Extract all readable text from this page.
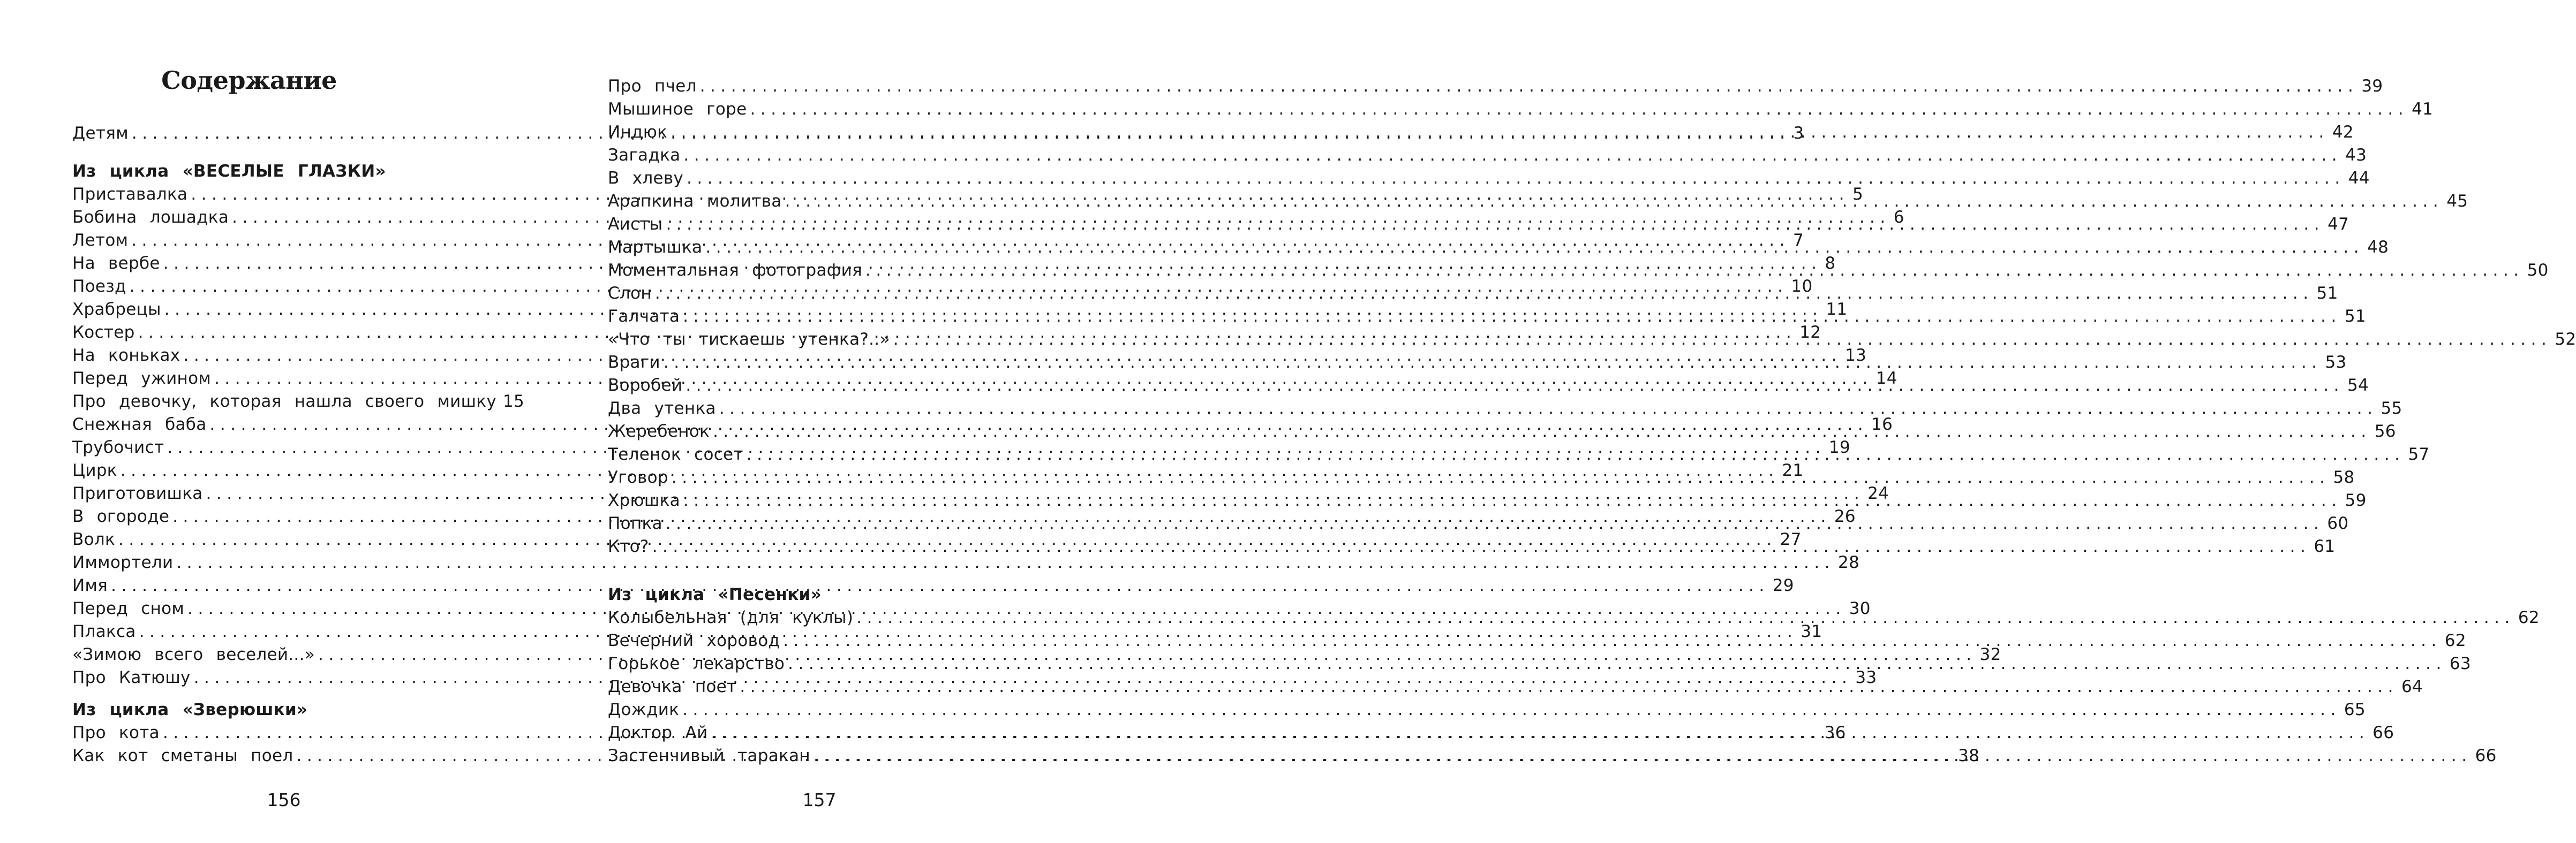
Содержание
Детям .....	3
Из цикла «ВЕСЕЛЫЕ ГЛАЗКИ»
Приставалка .....	5
Бобина лошадка .....	6
Летом .....	7
На вербе .....	8
Поезд .....	10
Храбрецы .....	11
Костер .....	12
На коньках .....	13
Перед ужином .....	14
Про девочку, которая нашла своего мишку 15
Снежная баба .....	16
Трубочист .....	19
Цирк .....	21
Приготовишка .....	24
В огороде .....	26
Волк .....	27
Иммортели .....	28
Имя .....	29
Перед сном .....	30
Плакса .....	31
«Зимою всего веселей...» .....	32
Про Катюшу .....	33
Из цикла «Зверюшки»
Про кота .....	36
Как кот сметаны поел .....	38
156
Про пчел .....	39
Мышиное горе .....	41
Индюк .....	42
Загадка .....	43
В хлеву .....	44
Арапкина молитва .....	45
Аисты .....	47
Мартышка .....	48
Моментальная фотография .....	50
Слон .....	51
Галчата .....	51
«Что ты тискаешь утенка?..» .....	52
Враги .....	53
Воробей .....	54
Два утенка .....	55
Жеребенок .....	56
Теленок сосет .....	57
Уговор .....	58
Хрюшка .....	59
Попка .....	60
Кто? .....	61
Из цикла «Песенки»
Колыбельная (для куклы) .....	62
Вечерний хоровод .....	62
Горькое лекарство .....	63
Девочка поет .....	64
Дождик .....	65
Доктор Ай .....	66
Застенчивый таракан .....	66
157
